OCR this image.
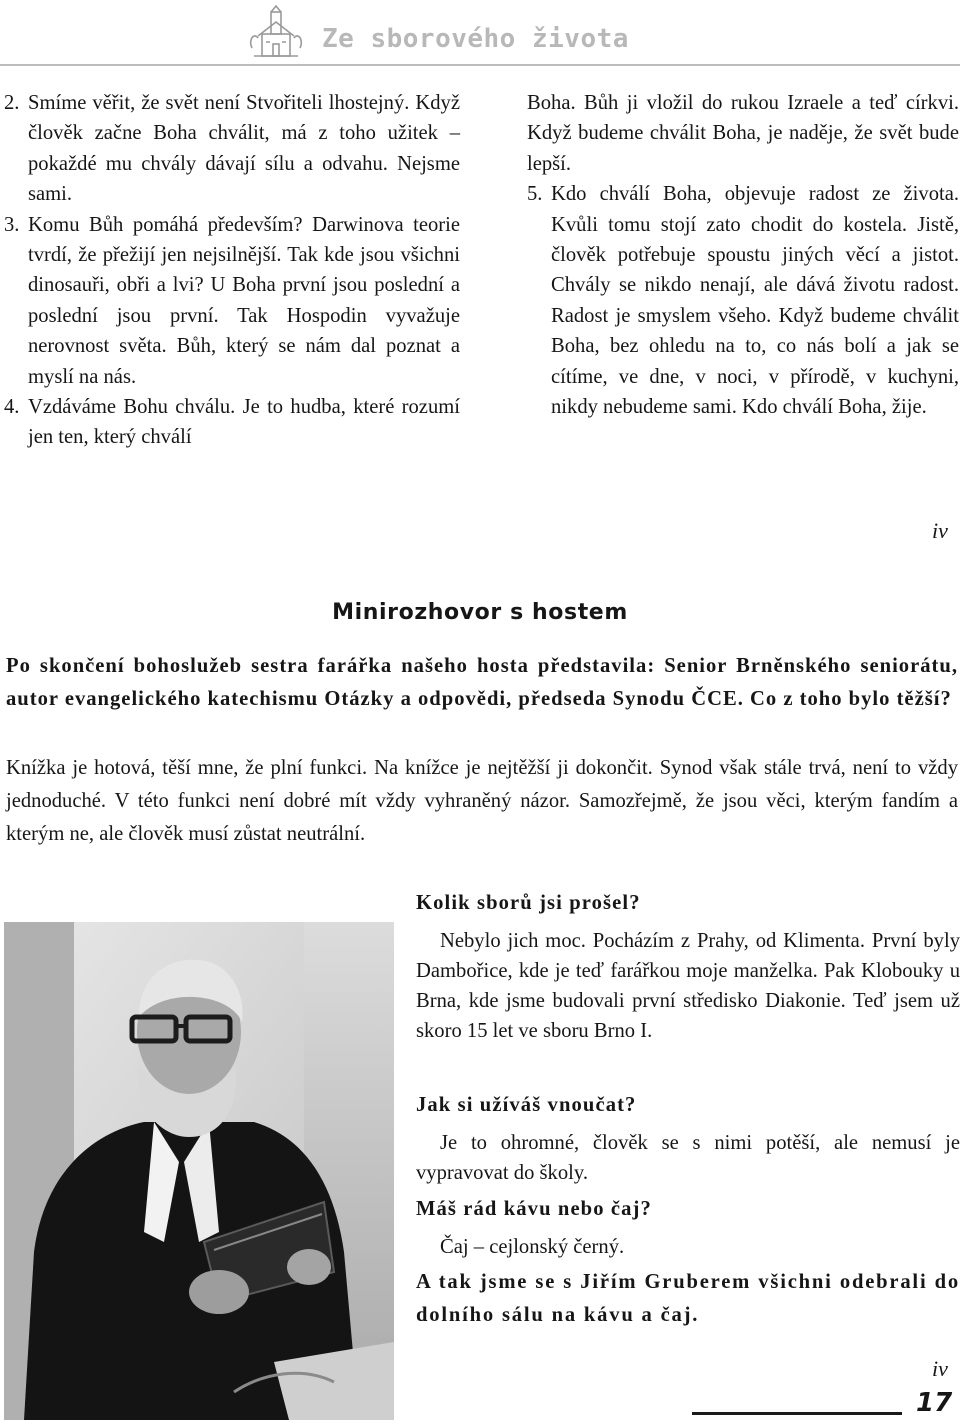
Ze sborového života

2. Smíme věřit, že svět není Stvořiteli lhostejný. Když člověk začne Boha chválit, má z toho užitek – pokaždé mu chvály dávají sílu a odvahu. Nejsme sami.

3. Komu Bůh pomáhá především? Darwinova teorie tvrdí, že přežijí jen nejsilnější. Tak kde jsou všichni dinosauři, obři a lvi? U Boha první jsou poslední a poslední jsou první. Tak Hospodin vyvažuje nerovnost světa. Bůh, který se nám dal poznat a myslí na nás.

4. Vzdáváme Bohu chválu. Je to hudba, které rozumí jen ten, který chválí

Boha. Bůh ji vložil do rukou Izraele a teď církvi. Když budeme chválit Boha, je naděje, že svět bude lepší.

5. Kdo chválí Boha, objevuje radost ze života. Kvůli tomu stojí zato chodit do kostela. Jistě, člověk potřebuje spoustu jiných věcí a jistot. Chvály se nikdo nenají, ale dává životu radost. Radost je smyslem všeho. Když budeme chválit Boha, bez ohledu na to, co nás bolí a jak se cítíme, ve dne, v noci, v přírodě, v kuchyni, nikdy nebudeme sami. Kdo chválí Boha, žije.

iv
Minirozhovor s hostem
Po skončení bohoslužeb sestra farářka našeho hosta představila: Senior Brněnského seniorátu, autor evangelického katechismu Otázky a odpovědi, předseda Synodu ČCE. Co z toho bylo těžší?
Knížka je hotová, těší mne, že plní funkci. Na knížce je nejtěžší ji dokončit. Synod však stále trvá, není to vždy jednoduché. V této funkci není dobré mít vždy vyhraněný názor. Samozřejmě, že jsou věci, kterým fandím a kterým ne, ale člověk musí zůstat neutrální.

Kolik sborů jsi prošel?

Nebylo jich moc. Pocházím z Prahy, od Klimenta. První byly Dambořice, kde je teď farářkou moje manželka. Pak Klobouky u Brna, kde jsme budovali první středisko Diakonie. Teď jsem už skoro 15 let ve sboru Brno I.

Jak si užíváš vnoučat?

Je to ohromné, člověk se s nimi potěší, ale nemusí je vypravovat do školy.

Máš rád kávu nebo čaj?

Čaj – cejlonský černý.

A tak jsme se s Jiřím Gruberem všichni odebrali do dolního sálu na kávu a čaj.
iv
17
